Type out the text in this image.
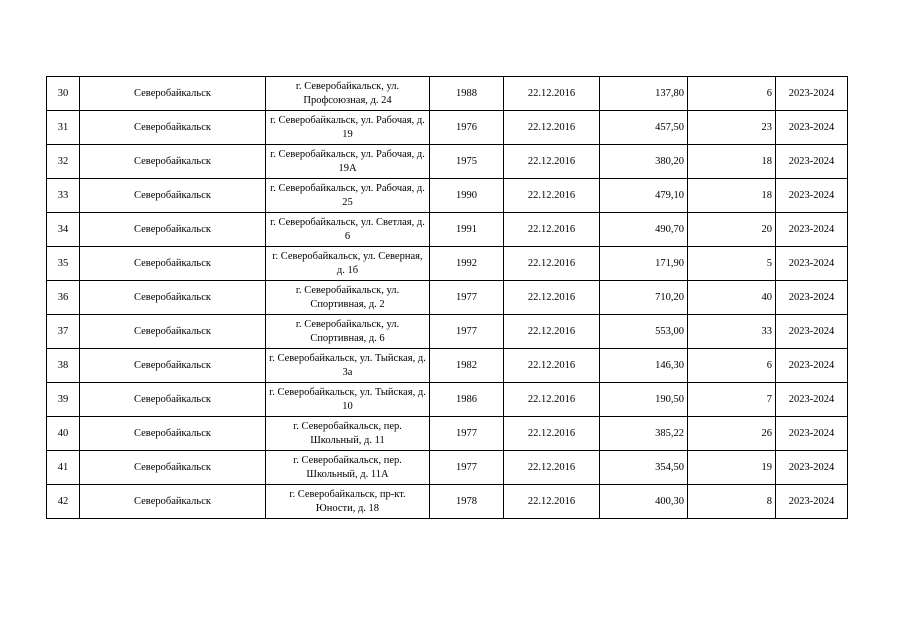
30	Северобайкальск	г. Северобайкальск, ул. Профсоюзная, д. 24	1988	22.12.2016	137,80	6	2023-2024
31	Северобайкальск	г. Северобайкальск, ул. Рабочая, д. 19	1976	22.12.2016	457,50	23	2023-2024
32	Северобайкальск	г. Северобайкальск, ул. Рабочая, д. 19А	1975	22.12.2016	380,20	18	2023-2024
33	Северобайкальск	г. Северобайкальск, ул. Рабочая, д. 25	1990	22.12.2016	479,10	18	2023-2024
34	Северобайкальск	г. Северобайкальск, ул. Светлая, д. 6	1991	22.12.2016	490,70	20	2023-2024
35	Северобайкальск	г. Северобайкальск, ул. Северная, д. 1б	1992	22.12.2016	171,90	5	2023-2024
36	Северобайкальск	г. Северобайкальск, ул. Спортивная, д. 2	1977	22.12.2016	710,20	40	2023-2024
37	Северобайкальск	г. Северобайкальск, ул. Спортивная, д. 6	1977	22.12.2016	553,00	33	2023-2024
38	Северобайкальск	г. Северобайкальск, ул. Тыйская, д. 3а	1982	22.12.2016	146,30	6	2023-2024
39	Северобайкальск	г. Северобайкальск, ул. Тыйская, д. 10	1986	22.12.2016	190,50	7	2023-2024
40	Северобайкальск	г. Северобайкальск, пер. Школьный, д. 11	1977	22.12.2016	385,22	26	2023-2024
41	Северобайкальск	г. Северобайкальск, пер. Школьный, д. 11А	1977	22.12.2016	354,50	19	2023-2024
42	Северобайкальск	г. Северобайкальск, пр-кт. Юности, д. 18	1978	22.12.2016	400,30	8	2023-2024
